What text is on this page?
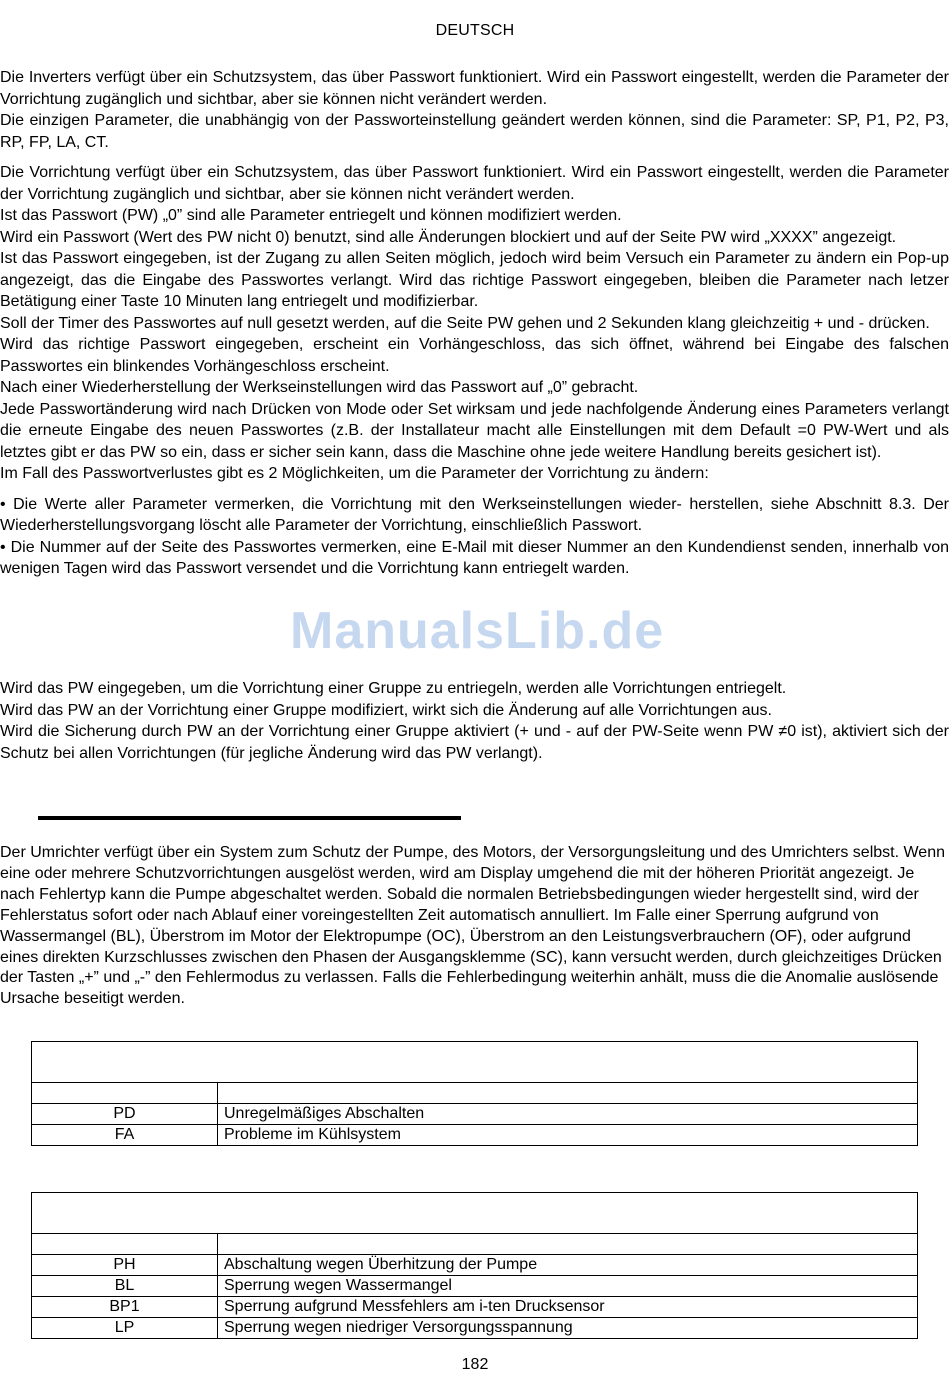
DEUTSCH

Die Inverters verfügt über ein Schutzsystem, das über Passwort funktioniert. Wird ein Passwort eingestellt, werden die Parameter der Vorrichtung zugänglich und sichtbar, aber sie können nicht verändert werden.

Die einzigen Parameter, die unabhängig von der Passworteinstellung geändert werden können, sind die Parameter: SP, P1, P2, P3, RP, FP, LA, CT.

Die Vorrichtung verfügt über ein Schutzsystem, das über Passwort funktioniert. Wird ein Passwort eingestellt, werden die Parameter der Vorrichtung zugänglich und sichtbar, aber sie können nicht verändert werden.

Ist das Passwort (PW) „0” sind alle Parameter entriegelt und können modifiziert werden.

Wird ein Passwort (Wert des PW nicht 0) benutzt, sind alle Änderungen blockiert und auf der Seite PW wird „XXXX” angezeigt.

Ist das Passwort eingegeben, ist der Zugang zu allen Seiten möglich, jedoch wird beim Versuch ein Parameter zu ändern ein Pop-up angezeigt, das die Eingabe des Passwortes verlangt. Wird das richtige Passwort eingegeben, bleiben die Parameter nach letzer Betätigung einer Taste 10 Minuten lang entriegelt und modifizierbar.

Soll der Timer des Passwortes auf null gesetzt werden, auf die Seite PW gehen und 2 Sekunden klang gleichzeitig + und - drücken.

Wird das richtige Passwort eingegeben, erscheint ein Vorhängeschloss, das sich öffnet, während bei Eingabe des falschen Passwortes ein blinkendes Vorhängeschloss erscheint.

Nach einer Wiederherstellung der Werkseinstellungen wird das Passwort auf „0” gebracht.

Jede Passwortänderung wird nach Drücken von Mode oder Set wirksam und jede nachfolgende Änderung eines Parameters verlangt die erneute Eingabe des neuen Passwortes (z.B. der Installateur macht alle Einstellungen mit dem Default =0 PW-Wert und als letztes gibt er das PW so ein, dass er sicher sein kann, dass die Maschine ohne jede weitere Handlung bereits gesichert ist).

Im Fall des Passwortverlustes gibt es 2 Möglichkeiten, um die Parameter der Vorrichtung zu ändern:

• Die Werte aller Parameter vermerken, die Vorrichtung mit den Werkseinstellungen wieder- herstellen, siehe Abschnitt 8.3. Der Wiederherstellungsvorgang löscht alle Parameter der Vorrichtung, einschließlich Passwort.

• Die Nummer auf der Seite des Passwortes vermerken, eine E-Mail mit dieser Nummer an den Kundendienst senden, innerhalb von wenigen Tagen wird das Passwort versendet und die Vorrichtung kann entriegelt warden.

ManualsLib.de

Wird das PW eingegeben, um die Vorrichtung einer Gruppe zu entriegeln, werden alle Vorrichtungen entriegelt.

Wird das PW an der Vorrichtung einer Gruppe modifiziert, wirkt sich die Änderung auf alle Vorrichtungen aus.

Wird die Sicherung durch PW an der Vorrichtung einer Gruppe aktiviert (+ und - auf der PW-Seite wenn PW ≠0 ist), aktiviert sich der Schutz bei allen Vorrichtungen (für jegliche Änderung wird das PW verlangt).

Der Umrichter verfügt über ein System zum Schutz der Pumpe, des Motors, der Versorgungsleitung und des Umrichters selbst. Wenn eine oder mehrere Schutzvorrichtungen ausgelöst werden, wird am Display umgehend die mit der höheren Priorität angezeigt. Je nach Fehlertyp kann die Pumpe abgeschaltet werden. Sobald die normalen Betriebsbedingungen wieder hergestellt sind, wird der Fehlerstatus sofort oder nach Ablauf einer voreingestellten Zeit automatisch annulliert. Im Falle einer Sperrung aufgrund von Wassermangel (BL), Überstrom im Motor der Elektropumpe (OC), Überstrom an den Leistungsverbrauchern (OF), oder aufgrund eines direkten Kurzschlusses zwischen den Phasen der Ausgangsklemme (SC), kann versucht werden, durch gleichzeitiges Drücken der Tasten „+” und „-” den Fehlermodus zu verlassen. Falls die Fehlerbedingung weiterhin anhält, muss die die Anomalie auslösende Ursache beseitigt werden.

PD	Unregelmäßiges Abschalten
FA	Probleme im Kühlsystem

PH	Abschaltung wegen Überhitzung der Pumpe
BL	Sperrung wegen Wassermangel
BP1	Sperrung aufgrund Messfehlers am i-ten Drucksensor
LP	Sperrung wegen niedriger Versorgungsspannung
182
